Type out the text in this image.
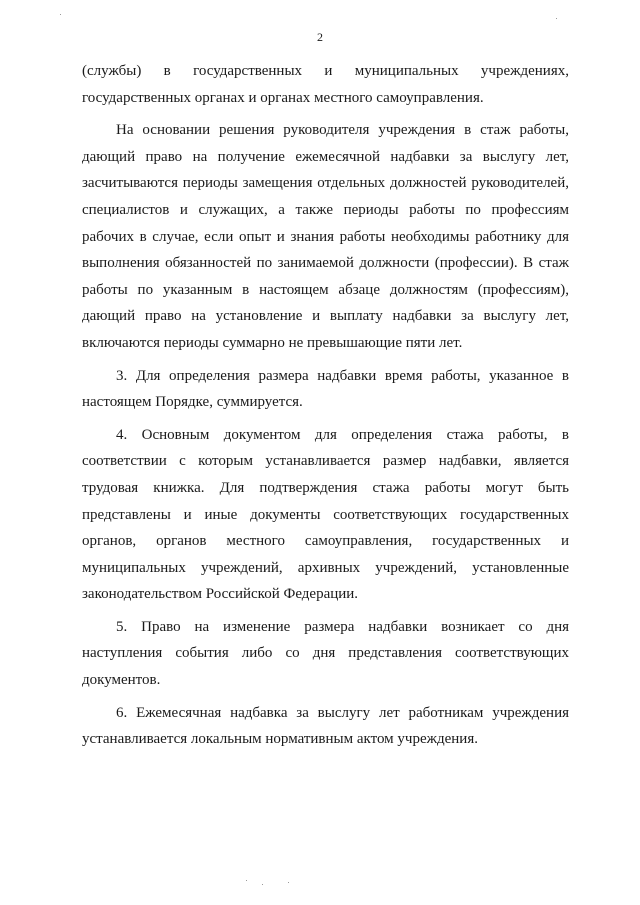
2
(службы) в государственных и муниципальных учреждениях,
государственных органах и органах местного самоуправления.
На основании решения руководителя учреждения в стаж работы,
дающий право на получение ежемесячной надбавки за выслугу лет,
засчитываются периоды замещения отдельных должностей руководителей,
специалистов и служащих, а также периоды работы по профессиям
рабочих в случае, если опыт и знания работы необходимы работнику для
выполнения обязанностей по занимаемой должности (профессии). В стаж
работы по указанным в настоящем абзаце должностям (профессиям),
дающий право на установление и выплату надбавки за выслугу лет,
включаются периоды суммарно не превышающие пяти лет.
3. Для определения размера надбавки время работы, указанное в
настоящем Порядке, суммируется.
4. Основным документом для определения стажа работы, в
соответствии с которым устанавливается размер надбавки, является
трудовая книжка. Для подтверждения стажа работы могут быть
представлены и иные документы соответствующих государственных
органов, органов местного самоуправления, государственных и
муниципальных учреждений, архивных учреждений, установленные
законодательством Российской Федерации.
5. Право на изменение размера надбавки возникает со дня
наступления события либо со дня представления соответствующих
документов.
6. Ежемесячная надбавка за выслугу лет работникам учреждения
устанавливается локальным нормативным актом учреждения.
